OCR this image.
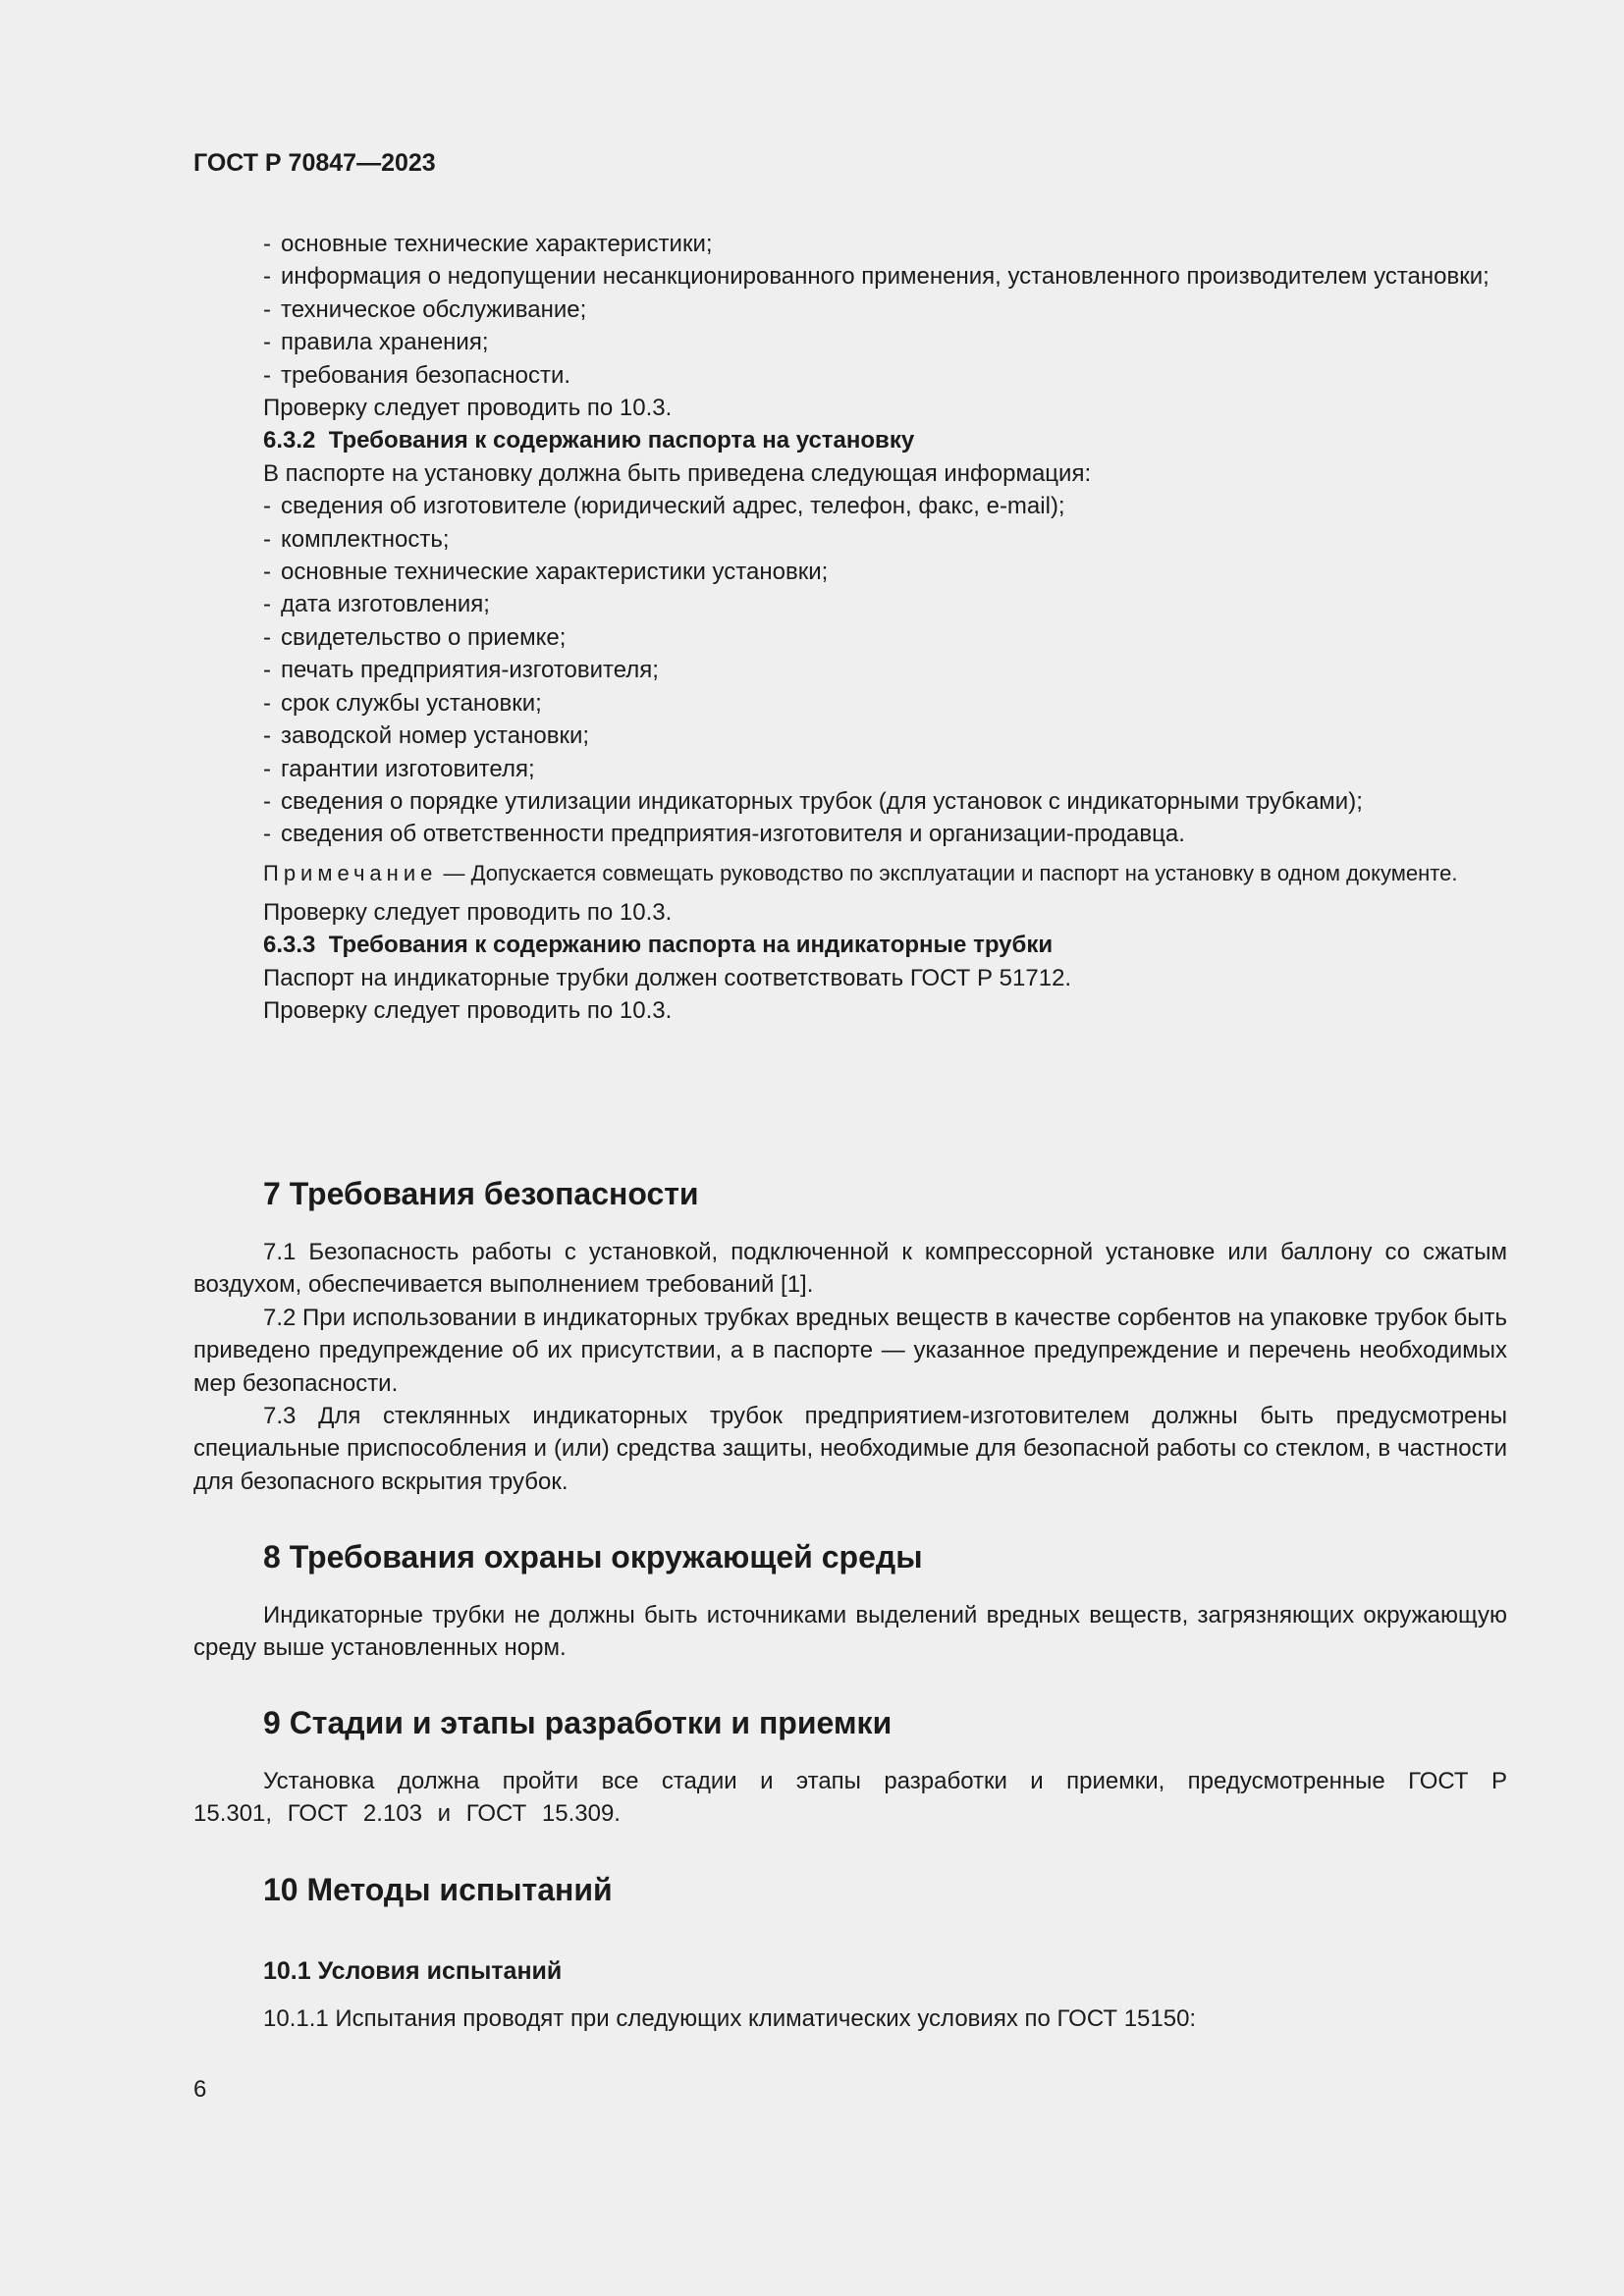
ГОСТ Р 70847—2023

- основные технические характеристики;

- информация о недопущении несанкционированного применения, установленного производителем установки;

- техническое обслуживание;

- правила хранения;

- требования безопасности.

Проверку следует проводить по 10.3.

6.3.2 Требования к содержанию паспорта на установку

В паспорте на установку должна быть приведена следующая информация:

- сведения об изготовителе (юридический адрес, телефон, факс, e-mail);

- комплектность;

- основные технические характеристики установки;

- дата изготовления;

- свидетельство о приемке;

- печать предприятия-изготовителя;

- срок службы установки;

- заводской номер установки;

- гарантии изготовителя;

- сведения о порядке утилизации индикаторных трубок (для установок с индикаторными трубками);

- сведения об ответственности предприятия-изготовителя и организации-продавца.

Примечание — Допускается совмещать руководство по эксплуатации и паспорт на установку в одном документе.

Проверку следует проводить по 10.3.

6.3.3 Требования к содержанию паспорта на индикаторные трубки

Паспорт на индикаторные трубки должен соответствовать ГОСТ Р 51712.

Проверку следует проводить по 10.3.

7 Требования безопасности

7.1 Безопасность работы с установкой, подключенной к компрессорной установке или баллону со сжатым воздухом, обеспечивается выполнением требований [1].

7.2 При использовании в индикаторных трубках вредных веществ в качестве сорбентов на упаковке трубок быть приведено предупреждение об их присутствии, а в паспорте — указанное предупреждение и перечень необходимых мер безопасности.

7.3 Для стеклянных индикаторных трубок предприятием-изготовителем должны быть предусмотрены специальные приспособления и (или) средства защиты, необходимые для безопасной работы со стеклом, в частности для безопасного вскрытия трубок.

8 Требования охраны окружающей среды

Индикаторные трубки не должны быть источниками выделений вредных веществ, загрязняющих окружающую среду выше установленных норм.

9 Стадии и этапы разработки и приемки

Установка должна пройти все стадии и этапы разработки и приемки, предусмотренные ГОСТ Р 15.301, ГОСТ 2.103 и ГОСТ 15.309.

10 Методы испытаний
10.1 Условия испытаний

10.1.1 Испытания проводят при следующих климатических условиях по ГОСТ 15150:

6
